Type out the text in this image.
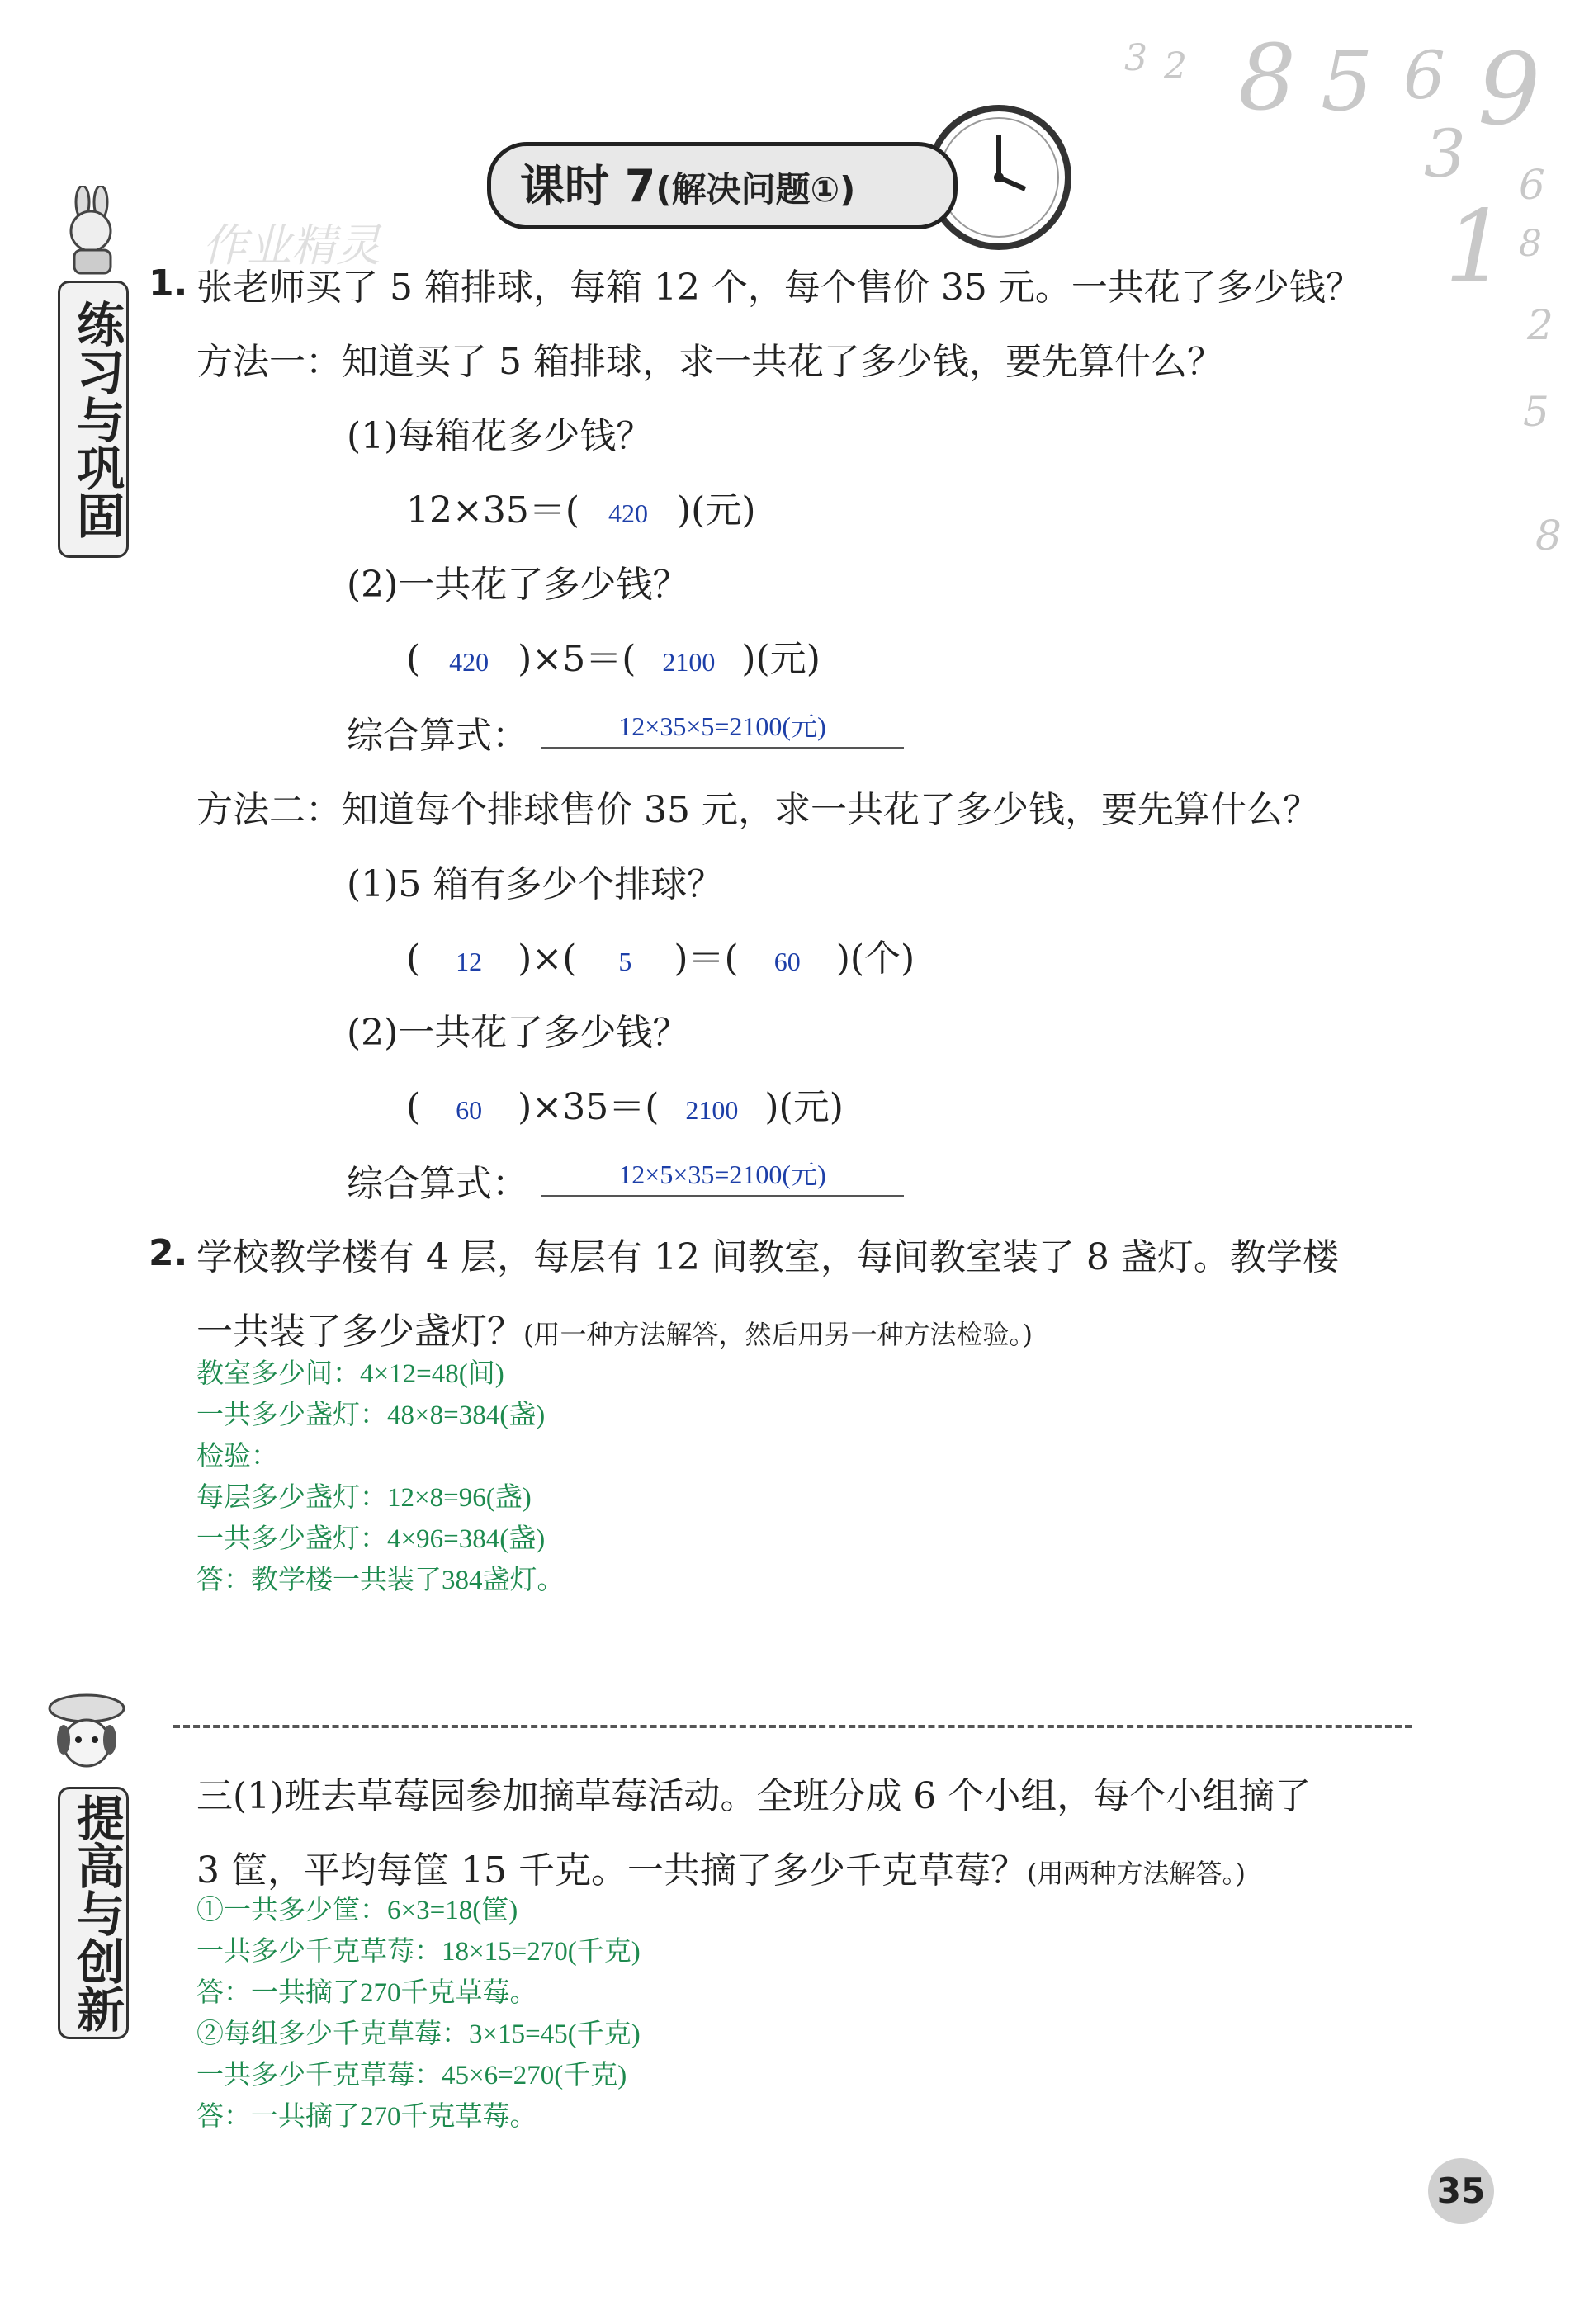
课时 7(解决问题①)
3 2 8 5 6 9
3 6
1 8
2
5
8
练习与巩固
提高与创新
作业精灵
1. 张老师买了 5 箱排球，每箱 12 个，每个售价 35 元。一共花了多少钱？
方法一：知道买了 5 箱排球，求一共花了多少钱，要先算什么？
(1)每箱花多少钱？
12×35＝( 420 )(元)
(2)一共花了多少钱？
( 420 )×5＝( 2100 )(元)
综合算式：	12×35×5=2100(元)
方法二：知道每个排球售价 35 元，求一共花了多少钱，要先算什么？
(1)5 箱有多少个排球？
( 12 )×( 5 )＝( 60 )(个)
(2)一共花了多少钱？
( 60 )×35＝( 2100 )(元)
综合算式：	12×5×35=2100(元)
2. 学校教学楼有 4 层，每层有 12 间教室，每间教室装了 8 盏灯。教学楼
一共装了多少盏灯？(用一种方法解答，然后用另一种方法检验。)
教室多少间：4×12=48(间)
一共多少盏灯：48×8=384(盏)
检验：
每层多少盏灯：12×8=96(盏)
一共多少盏灯：4×96=384(盏)
答：教学楼一共装了384盏灯。
三(1)班去草莓园参加摘草莓活动。全班分成 6 个小组，每个小组摘了
3 筐，平均每筐 15 千克。一共摘了多少千克草莓？(用两种方法解答。)
①一共多少筐：6×3=18(筐)
一共多少千克草莓：18×15=270(千克)
答：一共摘了270千克草莓。
②每组多少千克草莓：3×15=45(千克)
一共多少千克草莓：45×6=270(千克)
答：一共摘了270千克草莓。
35
